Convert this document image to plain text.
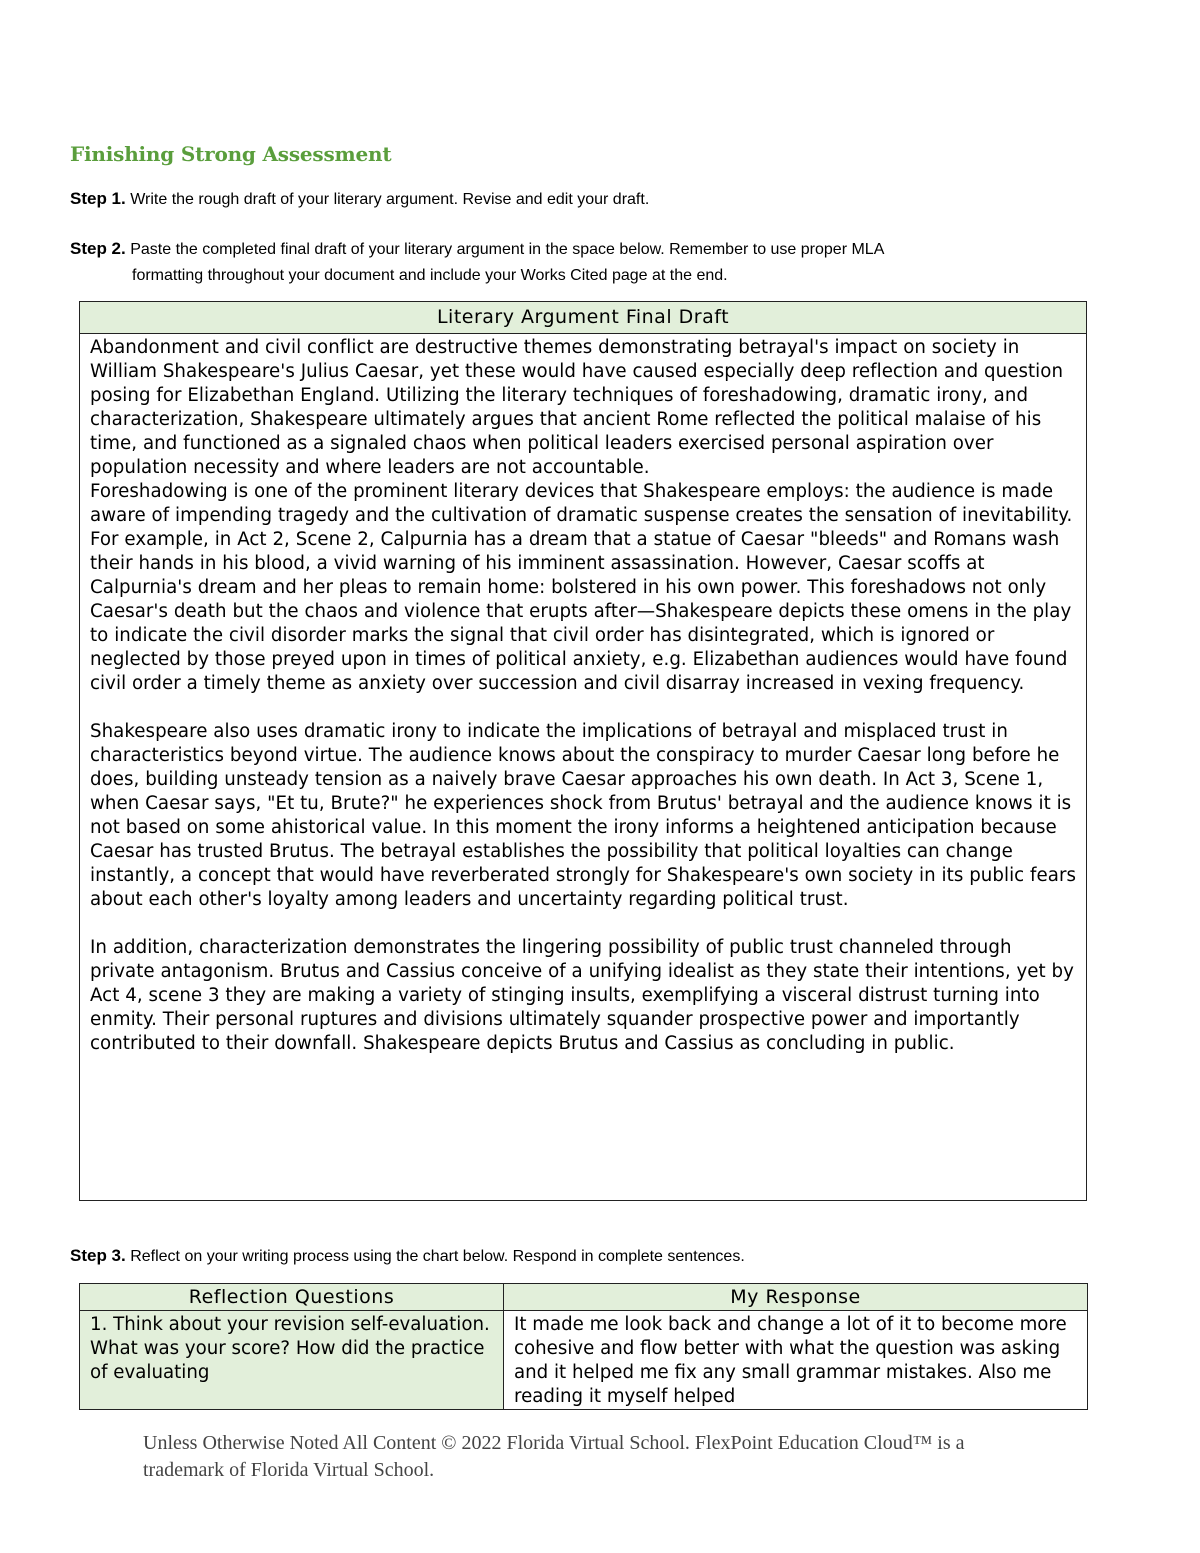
Finishing Strong Assessment
Step 1. Write the rough draft of your literary argument. Revise and edit your draft.
Step 2. Paste the completed final draft of your literary argument in the space below. Remember to use proper MLA
formatting throughout your document and include your Works Cited page at the end.
Literary Argument Final Draft

Abandonment and civil conflict are destructive themes demonstrating betrayal's impact on society in William Shakespeare's Julius Caesar, yet these would have caused especially deep reflection and question posing for Elizabethan England. Utilizing the literary techniques of foreshadowing, dramatic irony, and characterization, Shakespeare ultimately argues that ancient Rome reflected the political malaise of his time, and functioned as a signaled chaos when political leaders exercised personal aspiration over population necessity and where leaders are not accountable.

Foreshadowing is one of the prominent literary devices that Shakespeare employs: the audience is made aware of impending tragedy and the cultivation of dramatic suspense creates the sensation of inevitability. For example, in Act 2, Scene 2, Calpurnia has a dream that a statue of Caesar "bleeds" and Romans wash their hands in his blood, a vivid warning of his imminent assassination. However, Caesar scoffs at Calpurnia's dream and her pleas to remain home: bolstered in his own power. This foreshadows not only Caesar's death but the chaos and violence that erupts after—Shakespeare depicts these omens in the play to indicate the civil disorder marks the signal that civil order has disintegrated, which is ignored or neglected by those preyed upon in times of political anxiety, e.g. Elizabethan audiences would have found civil order a timely theme as anxiety over succession and civil disarray increased in vexing frequency.

Shakespeare also uses dramatic irony to indicate the implications of betrayal and misplaced trust in characteristics beyond virtue. The audience knows about the conspiracy to murder Caesar long before he does, building unsteady tension as a naively brave Caesar approaches his own death. In Act 3, Scene 1, when Caesar says, "Et tu, Brute?" he experiences shock from Brutus' betrayal and the audience knows it is not based on some ahistorical value. In this moment the irony informs a heightened anticipation because Caesar has trusted Brutus. The betrayal establishes the possibility that political loyalties can change instantly, a concept that would have reverberated strongly for Shakespeare's own society in its public fears about each other's loyalty among leaders and uncertainty regarding political trust.

In addition, characterization demonstrates the lingering possibility of public trust channeled through private antagonism. Brutus and Cassius conceive of a unifying idealist as they state their intentions, yet by Act 4, scene 3 they are making a variety of stinging insults, exemplifying a visceral distrust turning into enmity. Their personal ruptures and divisions ultimately squander prospective power and importantly contributed to their downfall. Shakespeare depicts Brutus and Cassius as concluding in public.

Step 3. Reflect on your writing process using the chart below. Respond in complete sentences.
Reflection Questions	My Response
1. Think about your revision self-evaluation. What was your score? How did the practice of evaluating	It made me look back and change a lot of it to become more cohesive and flow better with what the question was asking and it helped me fix any small grammar mistakes. Also me reading it myself helped
Unless Otherwise Noted All Content © 2022 Florida Virtual School. FlexPoint Education Cloud™ is a trademark of Florida Virtual School.
